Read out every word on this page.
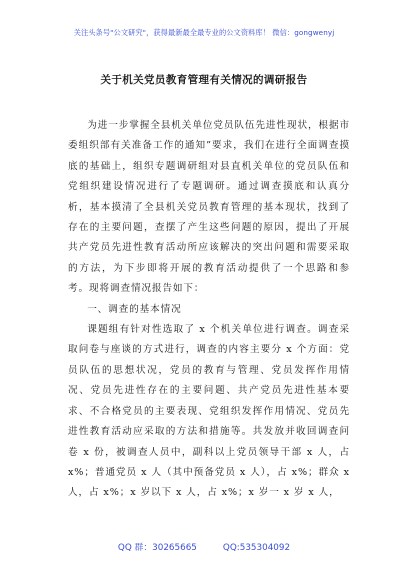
关注头条号"公文研究"，获得最新最全最专业的公文资料库！ 微信：gongwenyj
关于机关党员教育管理有关情况的调研报告

为进一步掌握全县机关单位党员队伍先进性现状，根据市委组织部有关准备工作的通知”要求，我们在进行全面调查摸底的基础上，组织专题调研组对县直机关单位的党员队伍和党组织建设情况进行了专题调研。通过调查摸底和认真分析，基本摸清了全县机关党员教育管理的基本现状，找到了存在的主要问题，查摆了产生这些问题的原因，提出了开展共产党员先进性教育活动所应该解决的突出问题和需要采取的方法，为下步即将开展的教育活动提供了一个思路和参考。现将调查情况报告如下：

一、调查的基本情况

课题组有针对性选取了 x 个机关单位进行调查。调查采取问卷与座谈的方式进行，调查的内容主要分 x 个方面：党员队伍的思想状况，党员的教育与管理、党员发挥作用情况、党员先进性存在的主要问题、共产党员先进性基本要求、不合格党员的主要表现、党组织发挥作用情况、党员先进性教育活动应采取的方法和措施等。共发放并收回调查问卷 x 份，被调查人员中，副科以上党员领导干部 x 人，占 x%；普通党员 x 人（其中预备党员 x 人），占 x%；群众 x 人，占 x%；x 岁以下 x 人，占 x%；x 岁一 x 岁 x 人，

QQ 群：30265665	QQ:535304092
